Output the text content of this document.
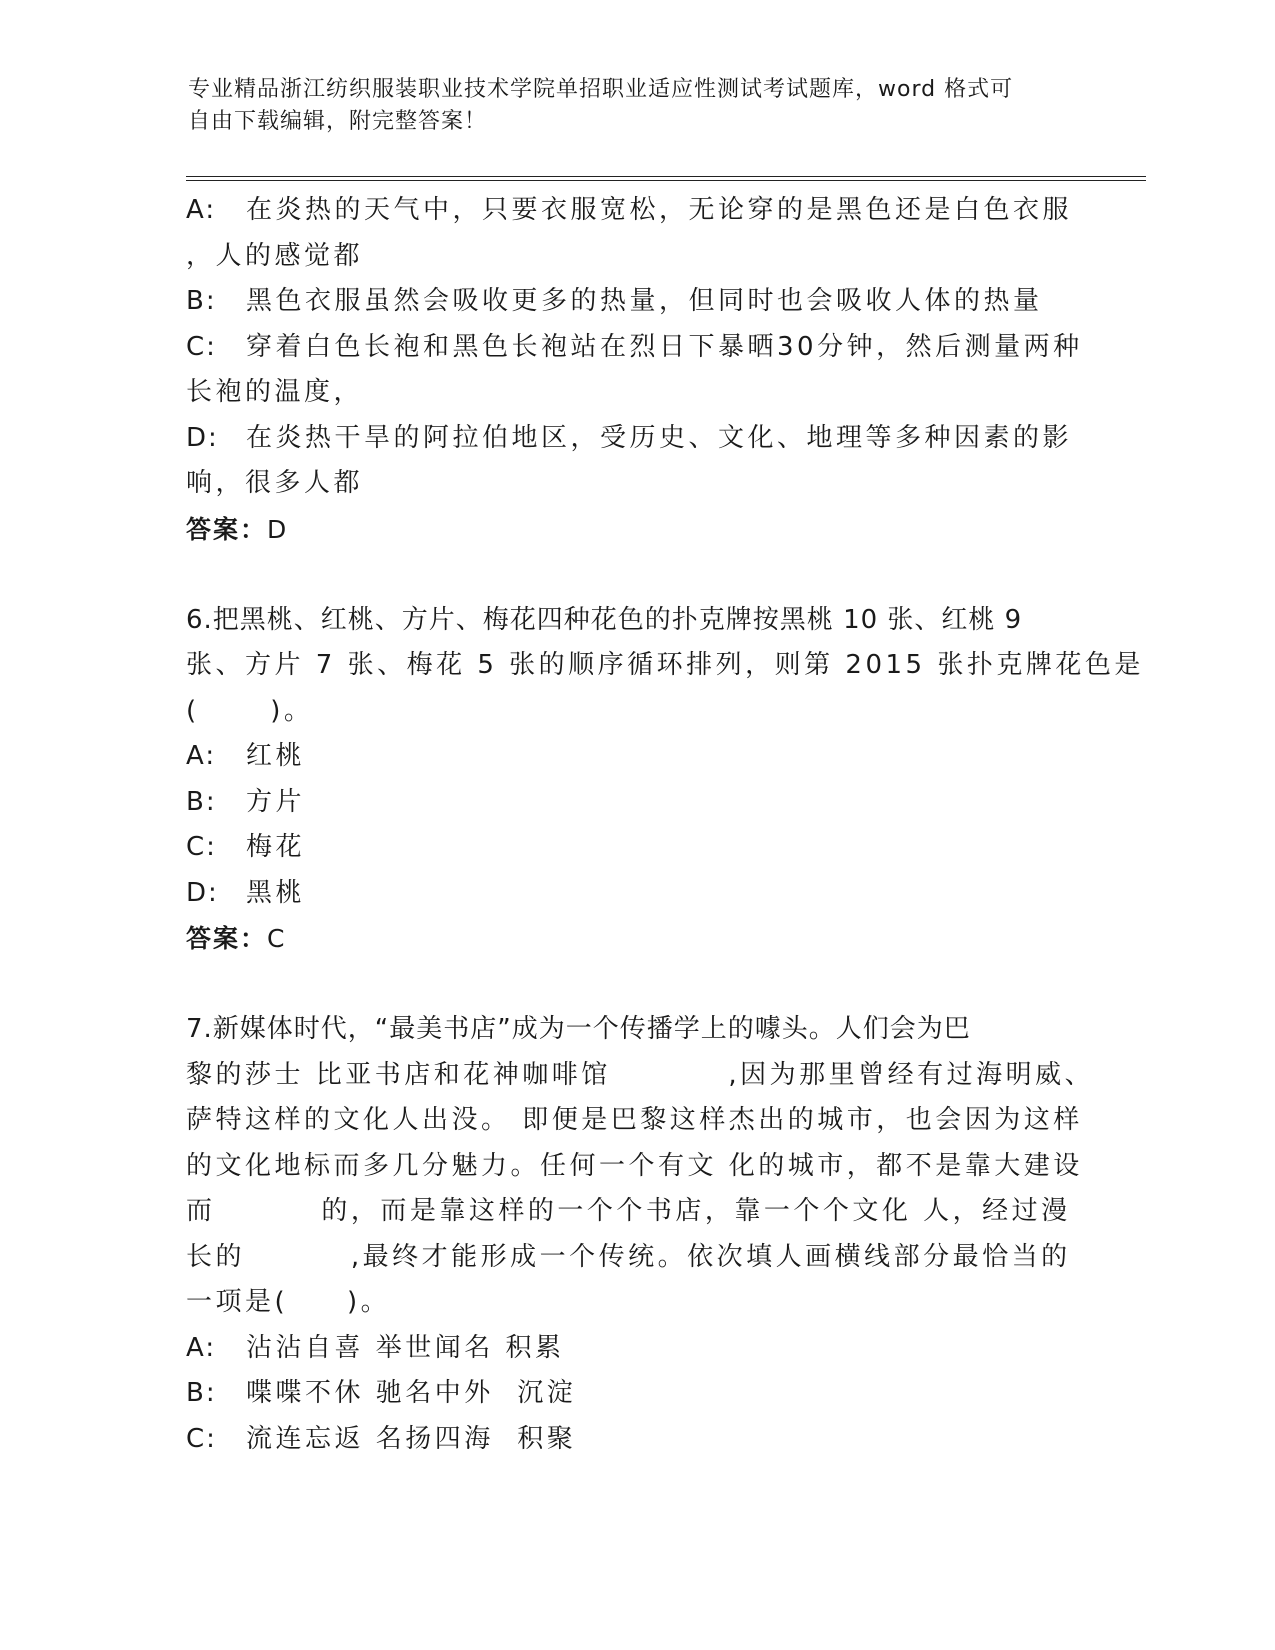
专业精品浙江纺织服装职业技术学院单招职业适应性测试考试题库，word 格式可
自由下载编辑，附完整答案！
A:	在炎热的天气中，只要衣服宽松，无论穿的是黑色还是白色衣服
，人的感觉都
B:	黑色衣服虽然会吸收更多的热量，但同时也会吸收人体的热量
C:	穿着白色长袍和黑色长袍站在烈日下暴晒30分钟，然后测量两种
长袍的温度，
D:	在炎热干旱的阿拉伯地区，受历史、文化、地理等多种因素的影
响，很多人都
答案：D
6.把黑桃、红桃、方片、梅花四种花色的扑克牌按黑桃 10 张、红桃 9
张、方片 7 张、梅花 5 张的顺序循环排列，则第 2015 张扑克牌花色是
(      )。
A:	红桃
B:	方片
C:	梅花
D:	黑桃
答案：C
7.新媒体时代，“最美书店”成为一个传播学上的噱头。人们会为巴
黎的莎士 比亚书店和花神咖啡馆          ,因为那里曾经有过海明威、
萨特这样的文化人出没。 即便是巴黎这样杰出的城市，也会因为这样
的文化地标而多几分魅力。任何一个有文 化的城市，都不是靠大建设
而         的，而是靠这样的一个个书店，靠一个个文化 人，经过漫
长的         ,最终才能形成一个传统。依次填人画横线部分最恰当的
一项是(     )。
A:	沾沾自喜 举世闻名 积累
B:	喋喋不休 驰名中外  沉淀
C:	流连忘返 名扬四海  积聚
